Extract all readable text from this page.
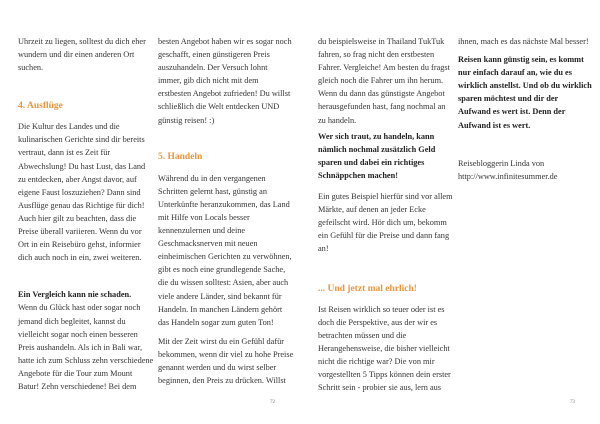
Uhrzeit zu liegen, solltest du dich eher
wundern und dir einen anderen Ort
suchen.
4. Ausflüge
Die Kultur des Landes und die
kulinarischen Gerichte sind dir bereits
vertraut, dann ist es Zeit für
Abwechslung! Du hast Lust, das Land
zu entdecken, aber Angst davor, auf
eigene Faust loszuziehen? Dann sind
Ausflüge genau das Richtige für dich!
Auch hier gilt zu beachten, dass die
Preise überall variieren. Wenn du vor
Ort in ein Reisebüro gehst, informier
dich auch noch in ein, zwei weiteren.
Ein Vergleich kann nie schaden.
Wenn du Glück hast oder sogar noch
jemand dich begleitet, kannst du
vielleicht sogar noch einen besseren
Preis aushandeln. Als ich in Bali war,
hatte ich zum Schluss zehn verschiedene
Angebote für die Tour zum Mount
Batur! Zehn verschiedene! Bei dem
besten Angebot haben wir es sogar noch
geschafft, einen günstigeren Preis
auszuhandeln. Der Versuch lohnt
immer, gib dich nicht mit dem
erstbesten Angebot zufrieden! Du willst
schließlich die Welt entdecken UND
günstig reisen! :)
5. Handeln
Während du in den vergangenen
Schritten gelernt hast, günstig an
Unterkünfte heranzukommen, das Land
mit Hilfe von Locals besser
kennenzulernen und deine
Geschmacksnerven mit neuen
einheimischen Gerichten zu verwöhnen,
gibt es noch eine grundlegende Sache,
die du wissen solltest: Asien, aber auch
viele andere Länder, sind bekannt für
Handeln. In manchen Ländern gehört
das Handeln sogar zum guten Ton!
Mit der Zeit wirst du ein Gefühl dafür
bekommen, wenn dir viel zu hohe Preise
genannt werden und du wirst selber
beginnen, den Preis zu drücken. Willst
72
du beispielsweise in Thailand TukTuk
fahren, so frag nicht den erstbesten
Fahrer. Vergleiche! Am besten du fragst
gleich noch die Fahrer um ihn herum.
Wenn du dann das günstigste Angebot
herausgefunden hast, fang nochmal an
zu handeln.
Wer sich traut, zu handeln, kann
nämlich nochmal zusätzlich Geld
sparen und dabei ein richtiges
Schnäppchen machen!
Ein gutes Beispiel hierfür sind vor allem
Märkte, auf denen an jeder Ecke
gefeilscht wird. Hör dich um, bekomm
ein Gefühl für die Preise und dann fang
an!
... Und jetzt mal ehrlich!
Ist Reisen wirklich so teuer oder ist es
doch die Perspektive, aus der wir es
betrachten müssen und die
Herangehensweise, die bisher vielleicht
nicht die richtige war? Die von mir
vorgestellten 5 Tipps können dein erster
Schritt sein - probier sie aus, lern aus
ihnen, mach es das nächste Mal besser!
Reisen kann günstig sein, es kommt
nur einfach darauf an, wie du es
wirklich anstellst. Und ob du wirklich
sparen möchtest und dir der
Aufwand es wert ist. Denn der
Aufwand ist es wert.
Reisebloggerin Linda von
http://www.infinitesummer.de
73
